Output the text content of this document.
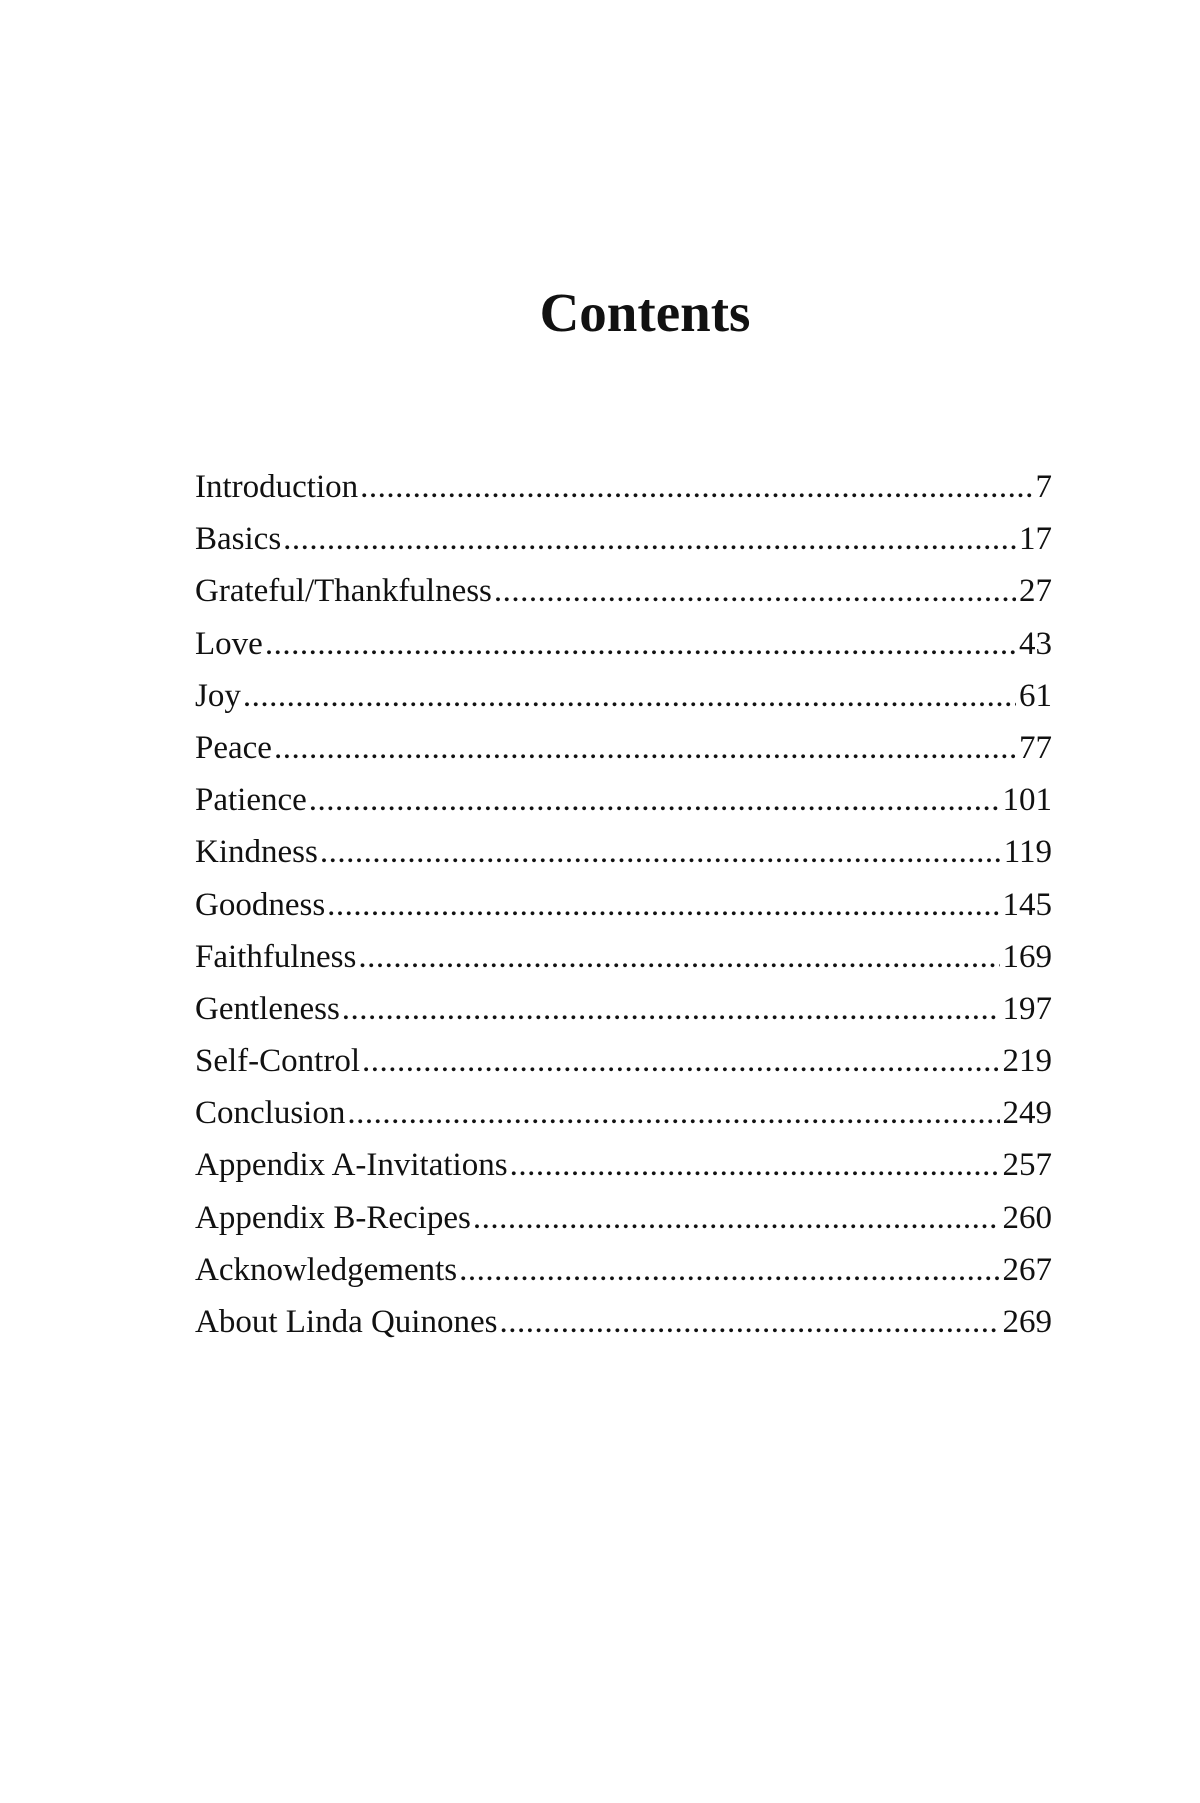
Contents
Introduction .....	7
Basics .....	17
Grateful/Thankfulness .....	27
Love .....	43
Joy .....	61
Peace .....	77
Patience .....	101
Kindness .....	119
Goodness .....	145
Faithfulness .....	169
Gentleness .....	197
Self-Control .....	219
Conclusion .....	249
Appendix A-Invitations .....	257
Appendix B-Recipes .....	260
Acknowledgements .....	267
About Linda Quinones .....	269
